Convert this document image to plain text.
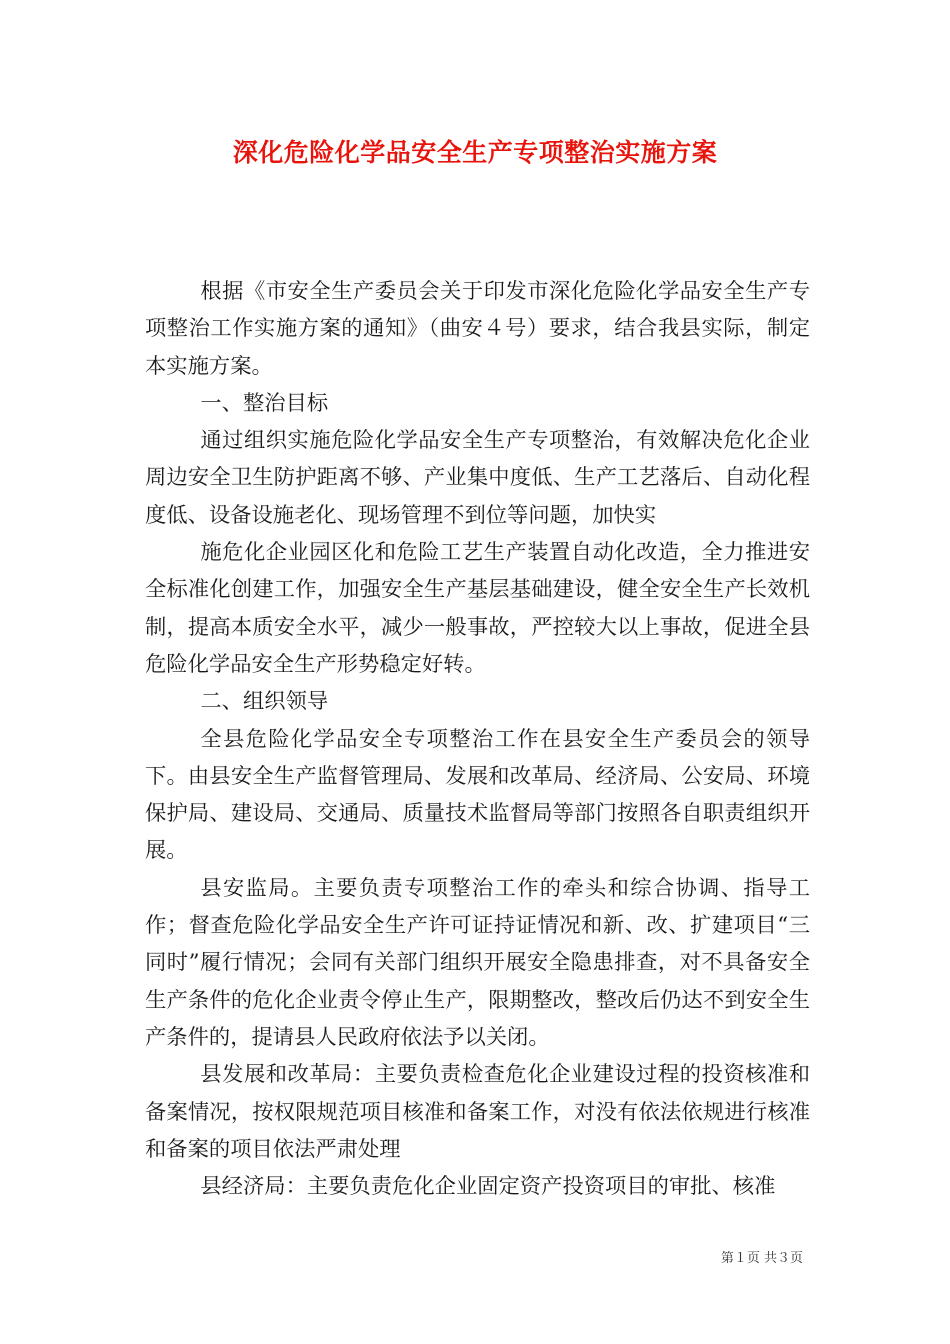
深化危险化学品安全生产专项整治实施方案

根据《市安全生产委员会关于印发市深化危险化学品安全生产专项整治工作实施方案的通知》（曲安４号）要求，结合我县实际，制定本实施方案。

一、整治目标

通过组织实施危险化学品安全生产专项整治，有效解决危化企业周边安全卫生防护距离不够、产业集中度低、生产工艺落后、自动化程度低、设备设施老化、现场管理不到位等问题，加快实

施危化企业园区化和危险工艺生产装置自动化改造，全力推进安全标准化创建工作，加强安全生产基层基础建设，健全安全生产长效机制，提高本质安全水平，减少一般事故，严控较大以上事故，促进全县危险化学品安全生产形势稳定好转。

二、组织领导

全县危险化学品安全专项整治工作在县安全生产委员会的领导下。由县安全生产监督管理局、发展和改革局、经济局、公安局、环境保护局、建设局、交通局、质量技术监督局等部门按照各自职责组织开展。

县安监局。主要负责专项整治工作的牵头和综合协调、指导工作；督查危险化学品安全生产许可证持证情况和新、改、扩建项目“三同时”履行情况；会同有关部门组织开展安全隐患排查，对不具备安全生产条件的危化企业责令停止生产，限期整改，整改后仍达不到安全生产条件的，提请县人民政府依法予以关闭。

县发展和改革局：主要负责检查危化企业建设过程的投资核准和备案情况，按权限规范项目核准和备案工作，对没有依法依规进行核准和备案的项目依法严肃处理

县经济局：主要负责危化企业固定资产投资项目的审批、核准

第１页 共３页
